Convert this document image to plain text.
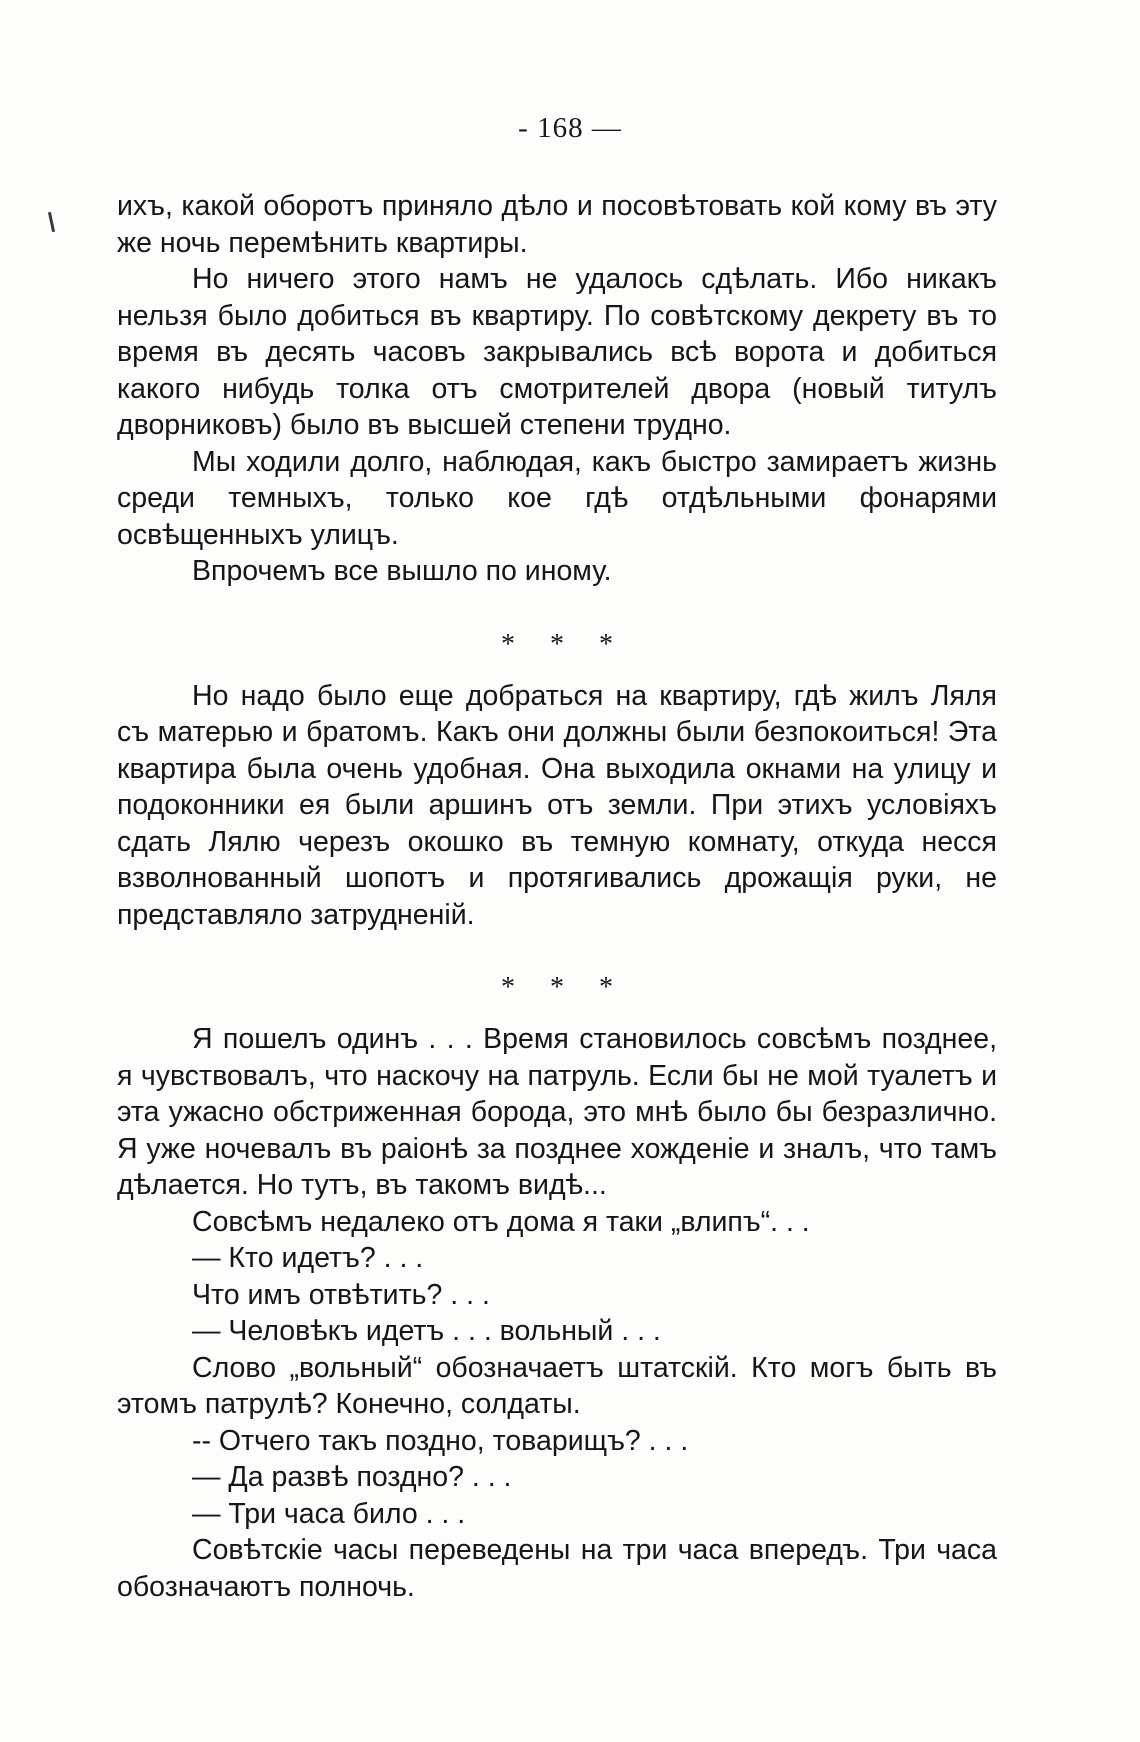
- 168 —

ихъ, какой оборотъ приняло дѣло и посовѣтовать кой кому въ эту же ночь перемѣнить квартиры.

Но ничего этого намъ не удалось сдѣлать. Ибо никакъ нельзя было добиться въ квартиру. По совѣтскому декрету въ то время въ десять часовъ закрывались всѣ ворота и добиться какого нибудь толка отъ смотрителей двора (новый титулъ дворниковъ) было въ высшей степени трудно.

Мы ходили долго, наблюдая, какъ быстро замираетъ жизнь среди темныхъ, только кое гдѣ отдѣльными фонарями освѣщенныхъ улицъ.

Впрочемъ все вышло по иному.

* * *

Но надо было еще добраться на квартиру, гдѣ жилъ Ляля съ матерью и братомъ. Какъ они должны были безпокоиться! Эта квартира была очень удобная. Она выходила окнами на улицу и подоконники ея были аршинъ отъ земли. При этихъ условіяхъ сдать Лялю черезъ окошко въ темную комнату, откуда несся взволнованный шопотъ и протягивались дрожащія руки, не представляло затрудненій.

* * *

Я пошелъ одинъ . . . Время становилось совсѣмъ позднее, я чувствовалъ, что наскочу на патруль. Если бы не мой туалетъ и эта ужасно обстриженная борода, это мнѣ было бы безразлично. Я уже ночевалъ въ раіонѣ за позднее хожденіе и зналъ, что тамъ дѣлается. Но тутъ, въ такомъ видѣ...

Совсѣмъ недалеко отъ дома я таки „влипъ“. . .

— Кто идетъ? . . .

Что имъ отвѣтить? . . .

— Человѣкъ идетъ . . . вольный . . .

Слово „вольный“ обозначаетъ штатскій. Кто могъ быть въ этомъ патрулѣ? Конечно, солдаты.

-- Отчего такъ поздно, товарищъ? . . .

— Да развѣ поздно? . . .

— Три часа било . . .

Совѣтскіе часы переведены на три часа впередъ. Три часа обозначаютъ полночь.
